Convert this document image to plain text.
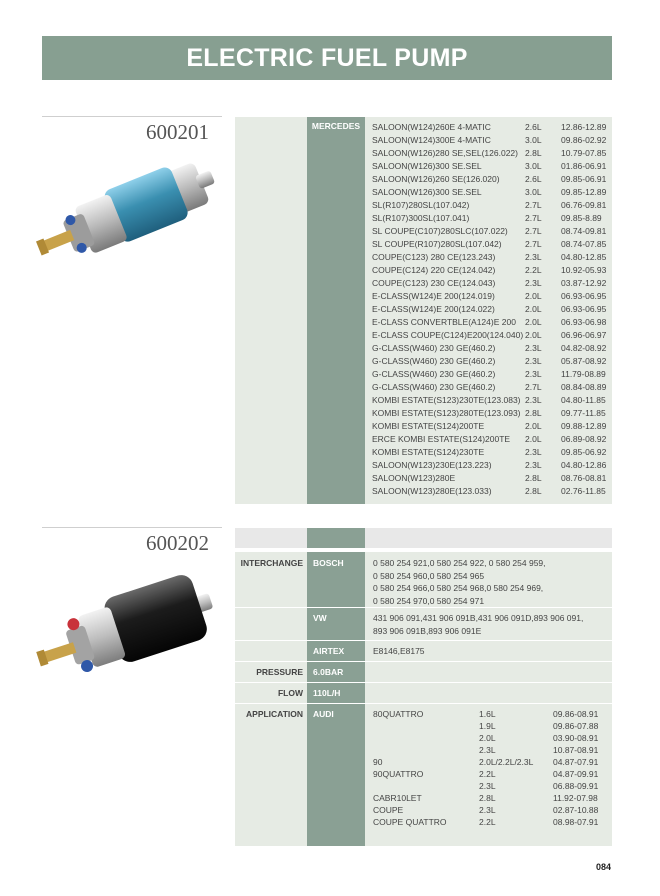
ELECTRIC FUEL PUMP
600201	MERCEDES	SALOON(W124)260E 4-MATIC	2.6L 12.86-12.89
SALOON(W124)300E 4-MATIC	3.0L 09.86-02.92
SALOON(W126)280 SE,SEL(126.022) 2.8L 10.79-07.85
SALOON(W126)300 SE.SEL	3.0L 01.86-06.91
SALOON(W126)260 SE(126.020)	2.6L 09.85-06.91
SALOON(W126)300 SE.SEL	3.0L 09.85-12.89
SL(R107)280SL(107.042)	2.7L 06.76-09.81
SL(R107)300SL(107.041)	2.7L 09.85-8.89
SL COUPE(C107)280SLC(107.022) 2.7L 08.74-09.81
SL COUPE(R107)280SL(107.042)	2.7L 08.74-07.85
COUPE(C123) 280 CE(123.243)	2.3L 04.80-12.85
COUPE(C124) 220 CE(124.042)	2.2L 10.92-05.93
COUPE(C123) 230 CE(124.043)	2.3L 03.87-12.92
E-CLASS(W124)E 200(124.019)	2.0L 06.93-06.95
E-CLASS(W124)E 200(124.022)	2.0L 06.93-06.95
E-CLASS CONVERTBLE(A124)E 200 2.0L 06.93-06.98
E-CLASS COUPE(C124)E200(124.040) 2.0L 06.96-06.97
G-CLASS(W460) 230 GE(460.2)	2.3L 04.82-08.92
G-CLASS(W460) 230 GE(460.2)	2.3L 05.87-08.92
G-CLASS(W460) 230 GE(460.2)	2.3L 11.79-08.89
G-CLASS(W460) 230 GE(460.2)	2.7L 08.84-08.89
KOMBI ESTATE(S123)230TE(123.083) 2.3L 04.80-11.85
KOMBI ESTATE(S123)280TE(123.093) 2.8L 09.77-11.85
KOMBI ESTATE(S124)200TE	2.0L 09.88-12.89
ERCE KOMBI ESTATE(S124)200TE 2.0L 06.89-08.92
KOMBI ESTATE(S124)230TE	2.3L 09.85-06.92
SALOON(W123)230E(123.223)	2.3L 04.80-12.86
SALOON(W123)280E	2.8L 08.76-08.81
SALOON(W123)280E(123.033)	2.8L 02.76-11.85
600202
INTERCHANGE BOSCH	0 580 254 921,0 580 254 922, 0 580 254 959,
0 580 254 960,0 580 254 965
0 580 254 966,0 580 254 968,0 580 254 969,
0 580 254 970,0 580 254 971
VW	431 906 091,431 906 091B,431 906 091D,893 906 091,
893 906 091B,893 906 091E
AIRTEX	E8146,E8175
PRESSURE 6.0BAR
FLOW 110L/H
APPLICATION AUDI	80QUATTRO	1.6L	09.86-08.91
1.9L	09.86-07.88
2.0L	03.90-08.91
2.3L	10.87-08.91
90	2.0L/2.2L/2.3L 04.87-07.91
90QUATTRO	2.2L	04.87-09.91
2.3L	06.88-09.91
CABR10LET	2.8L	11.92-07.98
COUPE	2.3L	02.87-10.88
COUPE QUATTRO	2.2L	08.98-07.91
084
